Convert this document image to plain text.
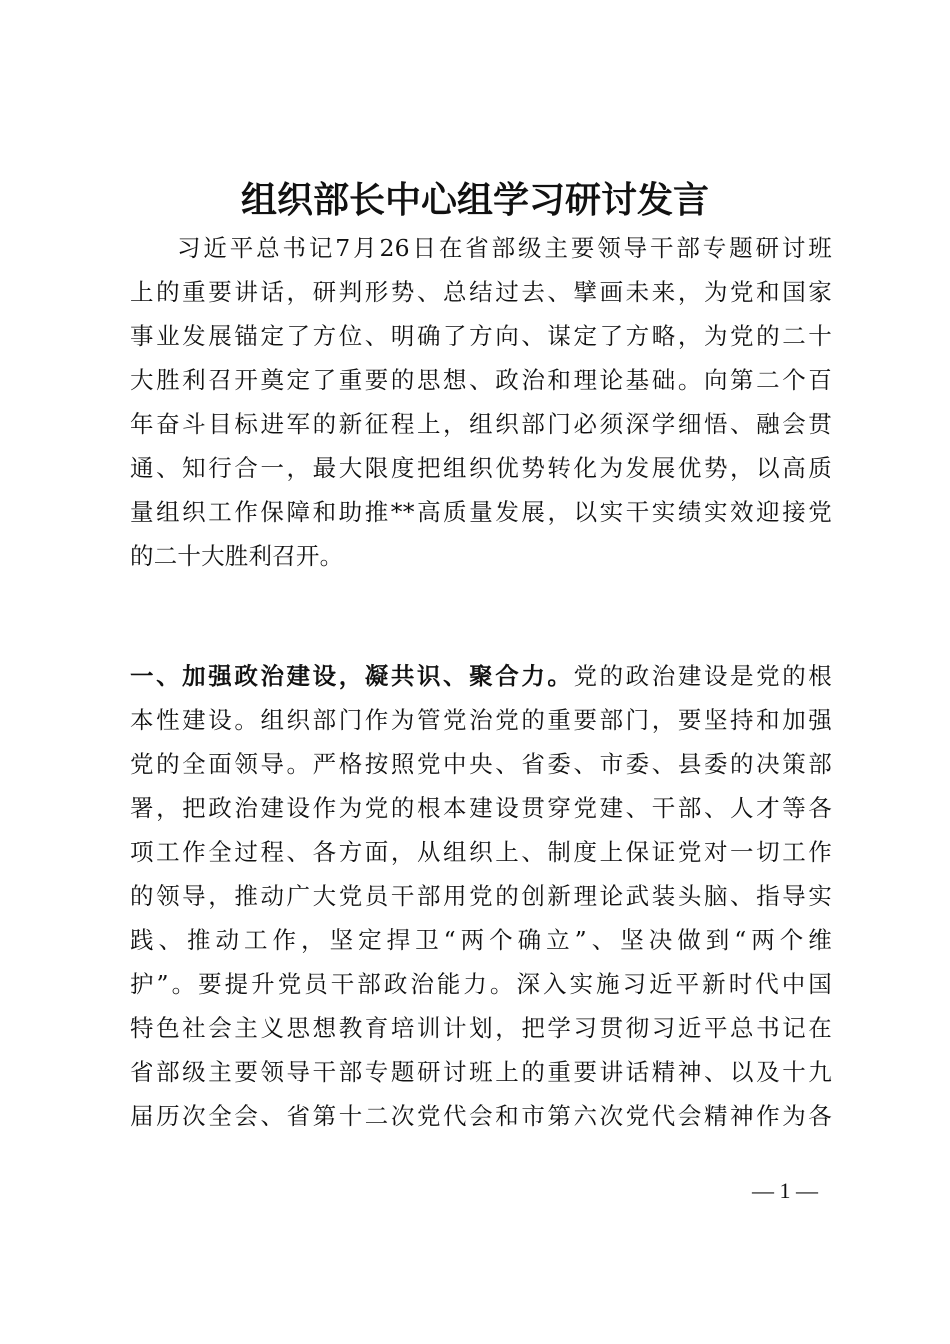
组织部长中心组学习研讨发言
习近平总书记7月26日在省部级主要领导干部专题研讨班
上的重要讲话，研判形势、总结过去、擘画未来，为党和国家
事业发展锚定了方位、明确了方向、谋定了方略，为党的二十
大胜利召开奠定了重要的思想、政治和理论基础。向第二个百
年奋斗目标进军的新征程上，组织部门必须深学细悟、融会贯
通、知行合一，最大限度把组织优势转化为发展优势，以高质
量组织工作保障和助推**高质量发展，以实干实绩实效迎接党
的二十大胜利召开。
一、加强政治建设，凝共识、聚合力。党的政治建设是党的根
本性建设。组织部门作为管党治党的重要部门，要坚持和加强
党的全面领导。严格按照党中央、省委、市委、县委的决策部
署，把政治建设作为党的根本建设贯穿党建、干部、人才等各
项工作全过程、各方面，从组织上、制度上保证党对一切工作
的领导，推动广大党员干部用党的创新理论武装头脑、指导实
践、推动工作，坚定捍卫“两个确立”、坚决做到“两个维
护”。要提升党员干部政治能力。深入实施习近平新时代中国
特色社会主义思想教育培训计划，把学习贯彻习近平总书记在
省部级主要领导干部专题研讨班上的重要讲话精神、以及十九
届历次全会、省第十二次党代会和市第六次党代会精神作为各
— 1 —
